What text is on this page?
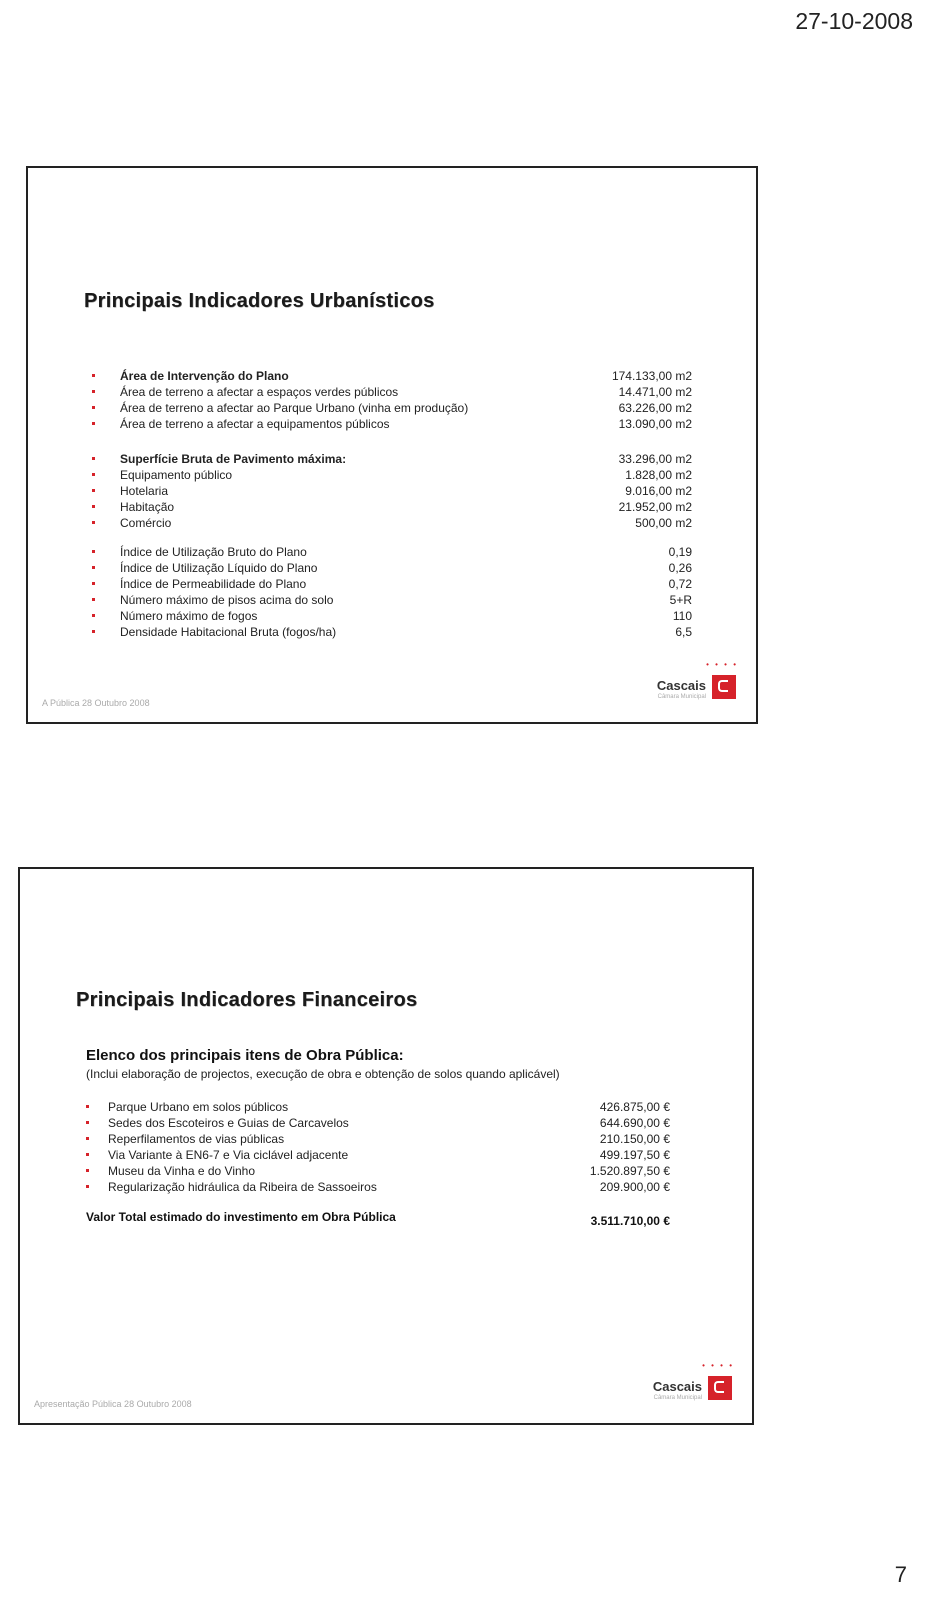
27-10-2008
Principais Indicadores Urbanísticos
Área de Intervenção do Plano	174.133,00 m2
Área de terreno a afectar a espaços verdes públicos	14.471,00 m2
Área de terreno a afectar ao Parque Urbano (vinha em produção)	63.226,00 m2
Área de terreno a afectar a equipamentos públicos	13.090,00 m2
Superfície Bruta de Pavimento máxima:	33.296,00 m2
Equipamento público	1.828,00 m2
Hotelaria	9.016,00 m2
Habitação	21.952,00 m2
Comércio	500,00 m2
Índice de Utilização Bruto do Plano	0,19
Índice de Utilização Líquido do Plano	0,26
Índice de Permeabilidade do Plano	0,72
Número máximo de pisos acima do solo	5+R
Número máximo de fogos	110
Densidade Habitacional Bruta (fogos/ha)	6,5
A Pública 28 Outubro 2008
• • • •
Cascais
Câmara Municipal
Principais Indicadores Financeiros
Elenco dos principais itens de Obra Pública:
(Inclui elaboração de projectos, execução de obra e obtenção de solos quando aplicável)
Parque Urbano em solos públicos	426.875,00 €
Sedes dos Escoteiros e Guias de Carcavelos	644.690,00 €
Reperfilamentos de vias públicas	210.150,00 €
Via Variante à EN6-7 e Via ciclável adjacente	499.197,50 €
Museu da Vinha e do Vinho	1.520.897,50 €
Regularização hidráulica da Ribeira de Sassoeiros	209.900,00 €
Valor Total estimado do investimento em Obra Pública	3.511.710,00 €
Apresentação Pública 28 Outubro 2008
• • • •
Cascais
Câmara Municipal
7
